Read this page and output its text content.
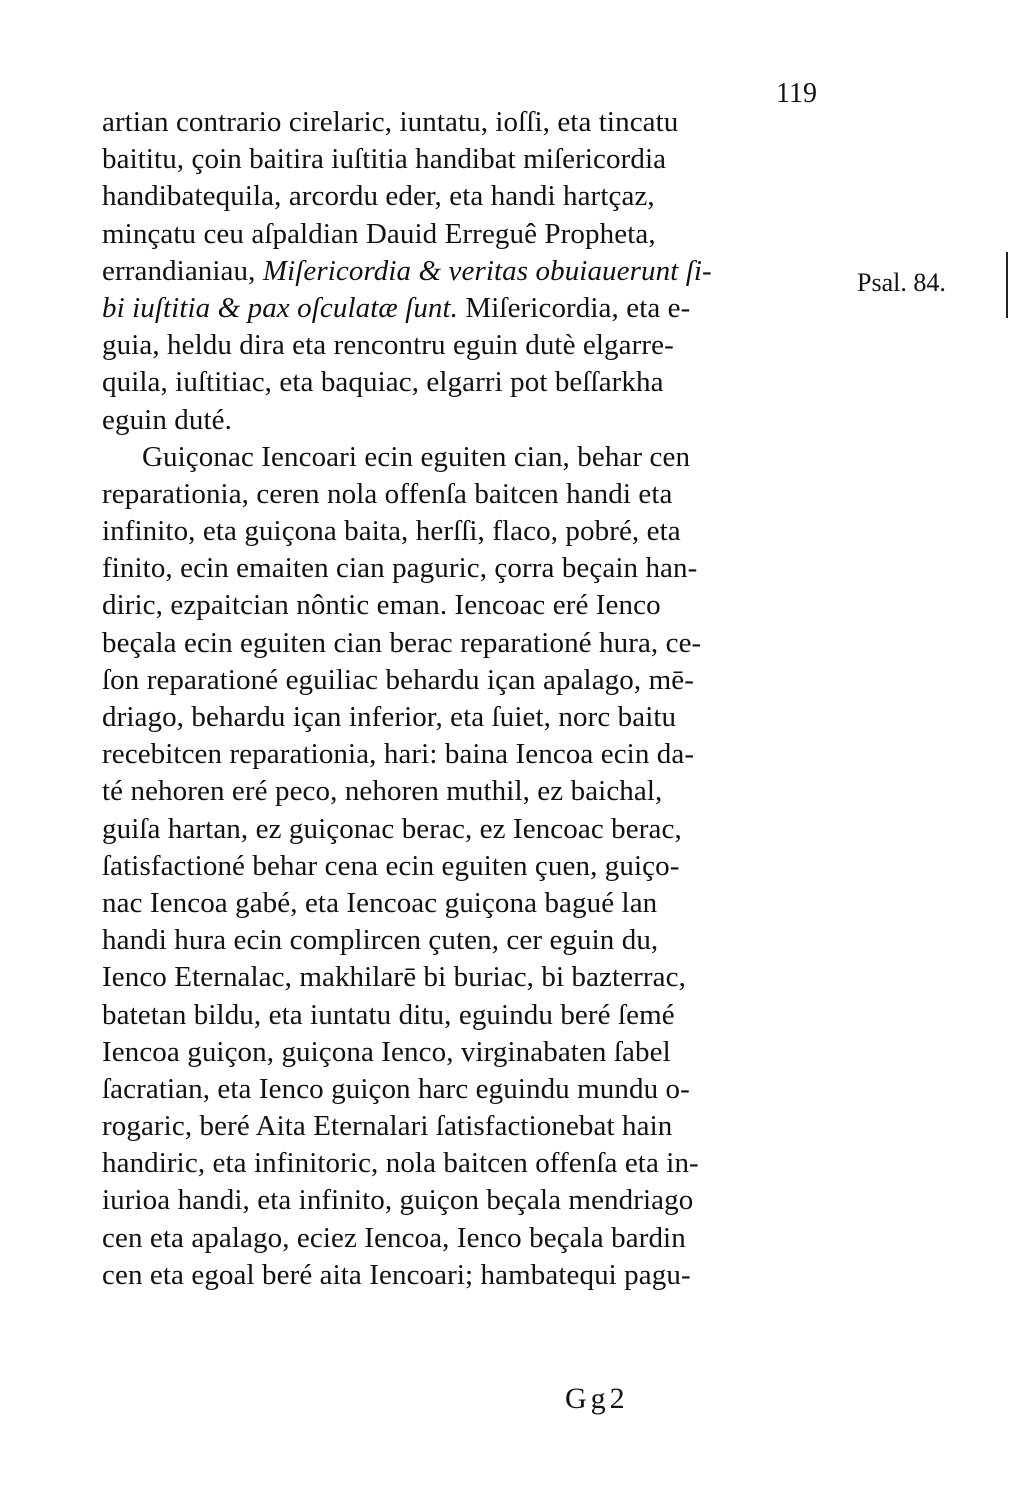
119
artian contrario cirelaric, iuntatu, ioſſi, eta tincatu
baititu, çoin baitira iuſtitia handibat miſericordia
handibatequila, arcordu eder, eta handi hartçaz,
minçatu ceu aſpaldian Dauid Erreguê Propheta,
errandianiau, Miſericordia & veritas obuiauerunt ſi-
bi iuſtitia & pax oſculatæ ſunt. Miſericordia, eta e-
guia, heldu dira eta rencontru eguin dutè elgarre-
quila, iuſtitiac, eta baquiac, elgarri pot beſſarkha
eguin duté.
Guiçonac Iencoari ecin eguiten cian, behar cen
reparationia, ceren nola offenſa baitcen handi eta
infinito, eta guiçona baita, herſſi, flaco, pobré, eta
finito, ecin emaiten cian paguric, çorra beçain han-
diric, ezpaitcian nôntic eman. Iencoac eré Ienco
beçala ecin eguiten cian berac reparationé hura, ce-
ſon reparationé eguiliac behardu içan apalago, mē-
driago, behardu içan inferior, eta ſuiet, norc baitu
recebitcen reparationia, hari: baina Iencoa ecin da-
té nehoren eré peco, nehoren muthil, ez baichal,
guiſa hartan, ez guiçonac berac, ez Iencoac berac,
ſatisfactioné behar cena ecin eguiten çuen, guiço-
nac Iencoa gabé, eta Iencoac guiçona bagué lan
handi hura ecin complircen çuten, cer eguin du,
Ienco Eternalac, makhilarē bi buriac, bi bazterrac,
batetan bildu, eta iuntatu ditu, eguindu beré ſemé
Iencoa guiçon, guiçona Ienco, virginabaten ſabel
ſacratian, eta Ienco guiçon harc eguindu mundu o-
rogaric, beré Aita Eternalari ſatisfactionebat hain
handiric, eta infinitoric, nola baitcen offenſa eta in-
iurioa handi, eta infinito, guiçon beçala mendriago
cen eta apalago, eciez Iencoa, Ienco beçala bardin
cen eta egoal beré aita Iencoari; hambatequi pagu-
Psal. 84.
Gg2
